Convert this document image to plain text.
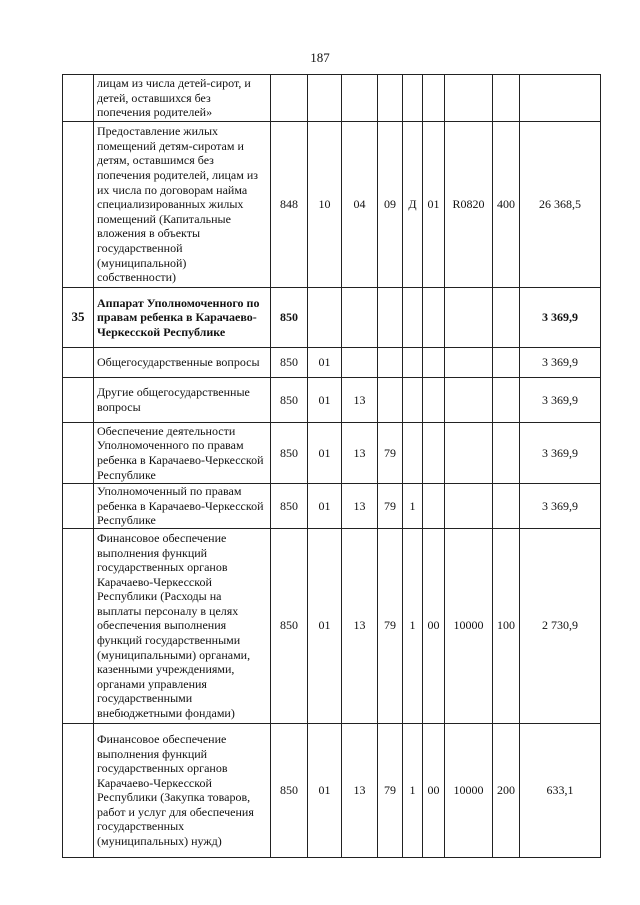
187
	лицам из числа детей-сирот, и детей, оставшихся без попечения родителей»									
	Предоставление жилых помещений детям-сиротам и детям, оставшимся без попечения родителей, лицам из их числа по договорам найма специализированных жилых помещений (Капитальные вложения в объекты государственной (муниципальной) собственности)	848	10	04	09	Д	01	R0820	400	26 368,5
35	Аппарат Уполномоченного по правам ребенка в Карачаево-Черкесской Республике	850								3 369,9
	Общегосударственные вопросы	850	01							3 369,9
	Другие общегосударственные вопросы	850	01	13						3 369,9
	Обеспечение деятельности Уполномоченного по правам ребенка в Карачаево-Черкесской Республике	850	01	13	79					3 369,9
	Уполномоченный по правам ребенка в Карачаево-Черкесской Республике	850	01	13	79	1				3 369,9
	Финансовое обеспечение выполнения функций государственных органов Карачаево-Черкесской Республики (Расходы на выплаты персоналу в целях обеспечения выполнения функций государственными (муниципальными) органами, казенными учреждениями, органами управления государственными внебюджетными фондами)	850	01	13	79	1	00	10000	100	2 730,9
	Финансовое обеспечение выполнения функций государственных органов Карачаево-Черкесской Республики (Закупка товаров, работ и услуг для обеспечения государственных (муниципальных) нужд)	850	01	13	79	1	00	10000	200	633,1
